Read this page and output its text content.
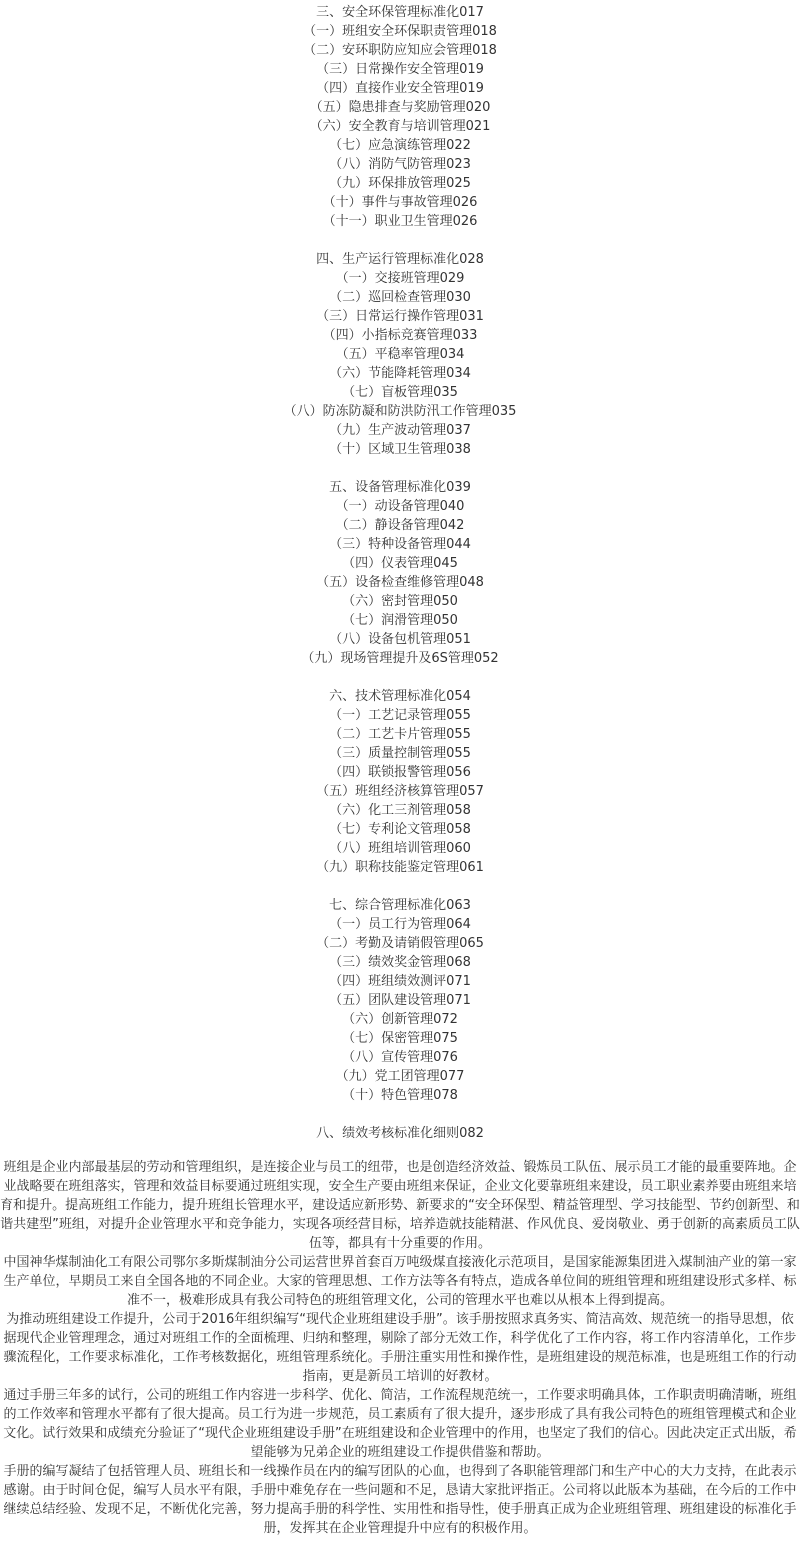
三、安全环保管理标准化017
（一）班组安全环保职责管理018
（二）安环职防应知应会管理018
（三）日常操作安全管理019
（四）直接作业安全管理019
（五）隐患排查与奖励管理020
（六）安全教育与培训管理021
（七）应急演练管理022
（八）消防气防管理023
（九）环保排放管理025
（十）事件与事故管理026
（十一）职业卫生管理026
四、生产运行管理标准化028
（一）交接班管理029
（二）巡回检查管理030
（三）日常运行操作管理031
（四）小指标竞赛管理033
（五）平稳率管理034
（六）节能降耗管理034
（七）盲板管理035
（八）防冻防凝和防洪防汛工作管理035
（九）生产波动管理037
（十）区域卫生管理038
五、设备管理标准化039
（一）动设备管理040
（二）静设备管理042
（三）特种设备管理044
（四）仪表管理045
（五）设备检查维修管理048
（六）密封管理050
（七）润滑管理050
（八）设备包机管理051
（九）现场管理提升及6S管理052
六、技术管理标准化054
（一）工艺记录管理055
（二）工艺卡片管理055
（三）质量控制管理055
（四）联锁报警管理056
（五）班组经济核算管理057
（六）化工三剂管理058
（七）专利论文管理058
（八）班组培训管理060
（九）职称技能鉴定管理061
七、综合管理标准化063
（一）员工行为管理064
（二）考勤及请销假管理065
（三）绩效奖金管理068
（四）班组绩效测评071
（五）团队建设管理071
（六）创新管理072
（七）保密管理075
（八）宣传管理076
（九）党工团管理077
（十）特色管理078
八、绩效考核标准化细则082

班组是企业内部最基层的劳动和管理组织，是连接企业与员工的纽带，也是创造经济效益、锻炼员工队伍、展示员工才能的最重要阵地。企业战略要在班组落实，管理和效益目标要通过班组实现，安全生产要由班组来保证，企业文化要靠班组来建设，员工职业素养要由班组来培育和提升。提高班组工作能力，提升班组长管理水平，建设适应新形势、新要求的“安全环保型、精益管理型、学习技能型、节约创新型、和谐共建型”班组，对提升企业管理水平和竞争能力，实现各项经营目标，培养造就技能精湛、作风优良、爱岗敬业、勇于创新的高素质员工队伍等，都具有十分重要的作用。

中国神华煤制油化工有限公司鄂尔多斯煤制油分公司运营世界首套百万吨级煤直接液化示范项目，是国家能源集团进入煤制油产业的第一家生产单位，早期员工来自全国各地的不同企业。大家的管理思想、工作方法等各有特点，造成各单位间的班组管理和班组建设形式多样、标准不一，极难形成具有我公司特色的班组管理文化，公司的管理水平也难以从根本上得到提高。

为推动班组建设工作提升，公司于2016年组织编写“现代企业班组建设手册”。该手册按照求真务实、简洁高效、规范统一的指导思想，依据现代企业管理理念，通过对班组工作的全面梳理、归纳和整理，剔除了部分无效工作，科学优化了工作内容，将工作内容清单化，工作步骤流程化，工作要求标准化，工作考核数据化，班组管理系统化。手册注重实用性和操作性，是班组建设的规范标准，也是班组工作的行动指南，更是新员工培训的好教材。

通过手册三年多的试行，公司的班组工作内容进一步科学、优化、简洁，工作流程规范统一，工作要求明确具体，工作职责明确清晰，班组的工作效率和管理水平都有了很大提高。员工行为进一步规范，员工素质有了很大提升，逐步形成了具有我公司特色的班组管理模式和企业文化。试行效果和成绩充分验证了“现代企业班组建设手册”在班组建设和企业管理中的作用，也坚定了我们的信心。因此决定正式出版，希望能够为兄弟企业的班组建设工作提供借鉴和帮助。

手册的编写凝结了包括管理人员、班组长和一线操作员在内的编写团队的心血，也得到了各职能管理部门和生产中心的大力支持，在此表示感谢。由于时间仓促，编写人员水平有限，手册中难免存在一些问题和不足，恳请大家批评指正。公司将以此版本为基础，在今后的工作中继续总结经验、发现不足，不断优化完善，努力提高手册的科学性、实用性和指导性，使手册真正成为企业班组管理、班组建设的标准化手册，发挥其在企业管理提升中应有的积极作用。
